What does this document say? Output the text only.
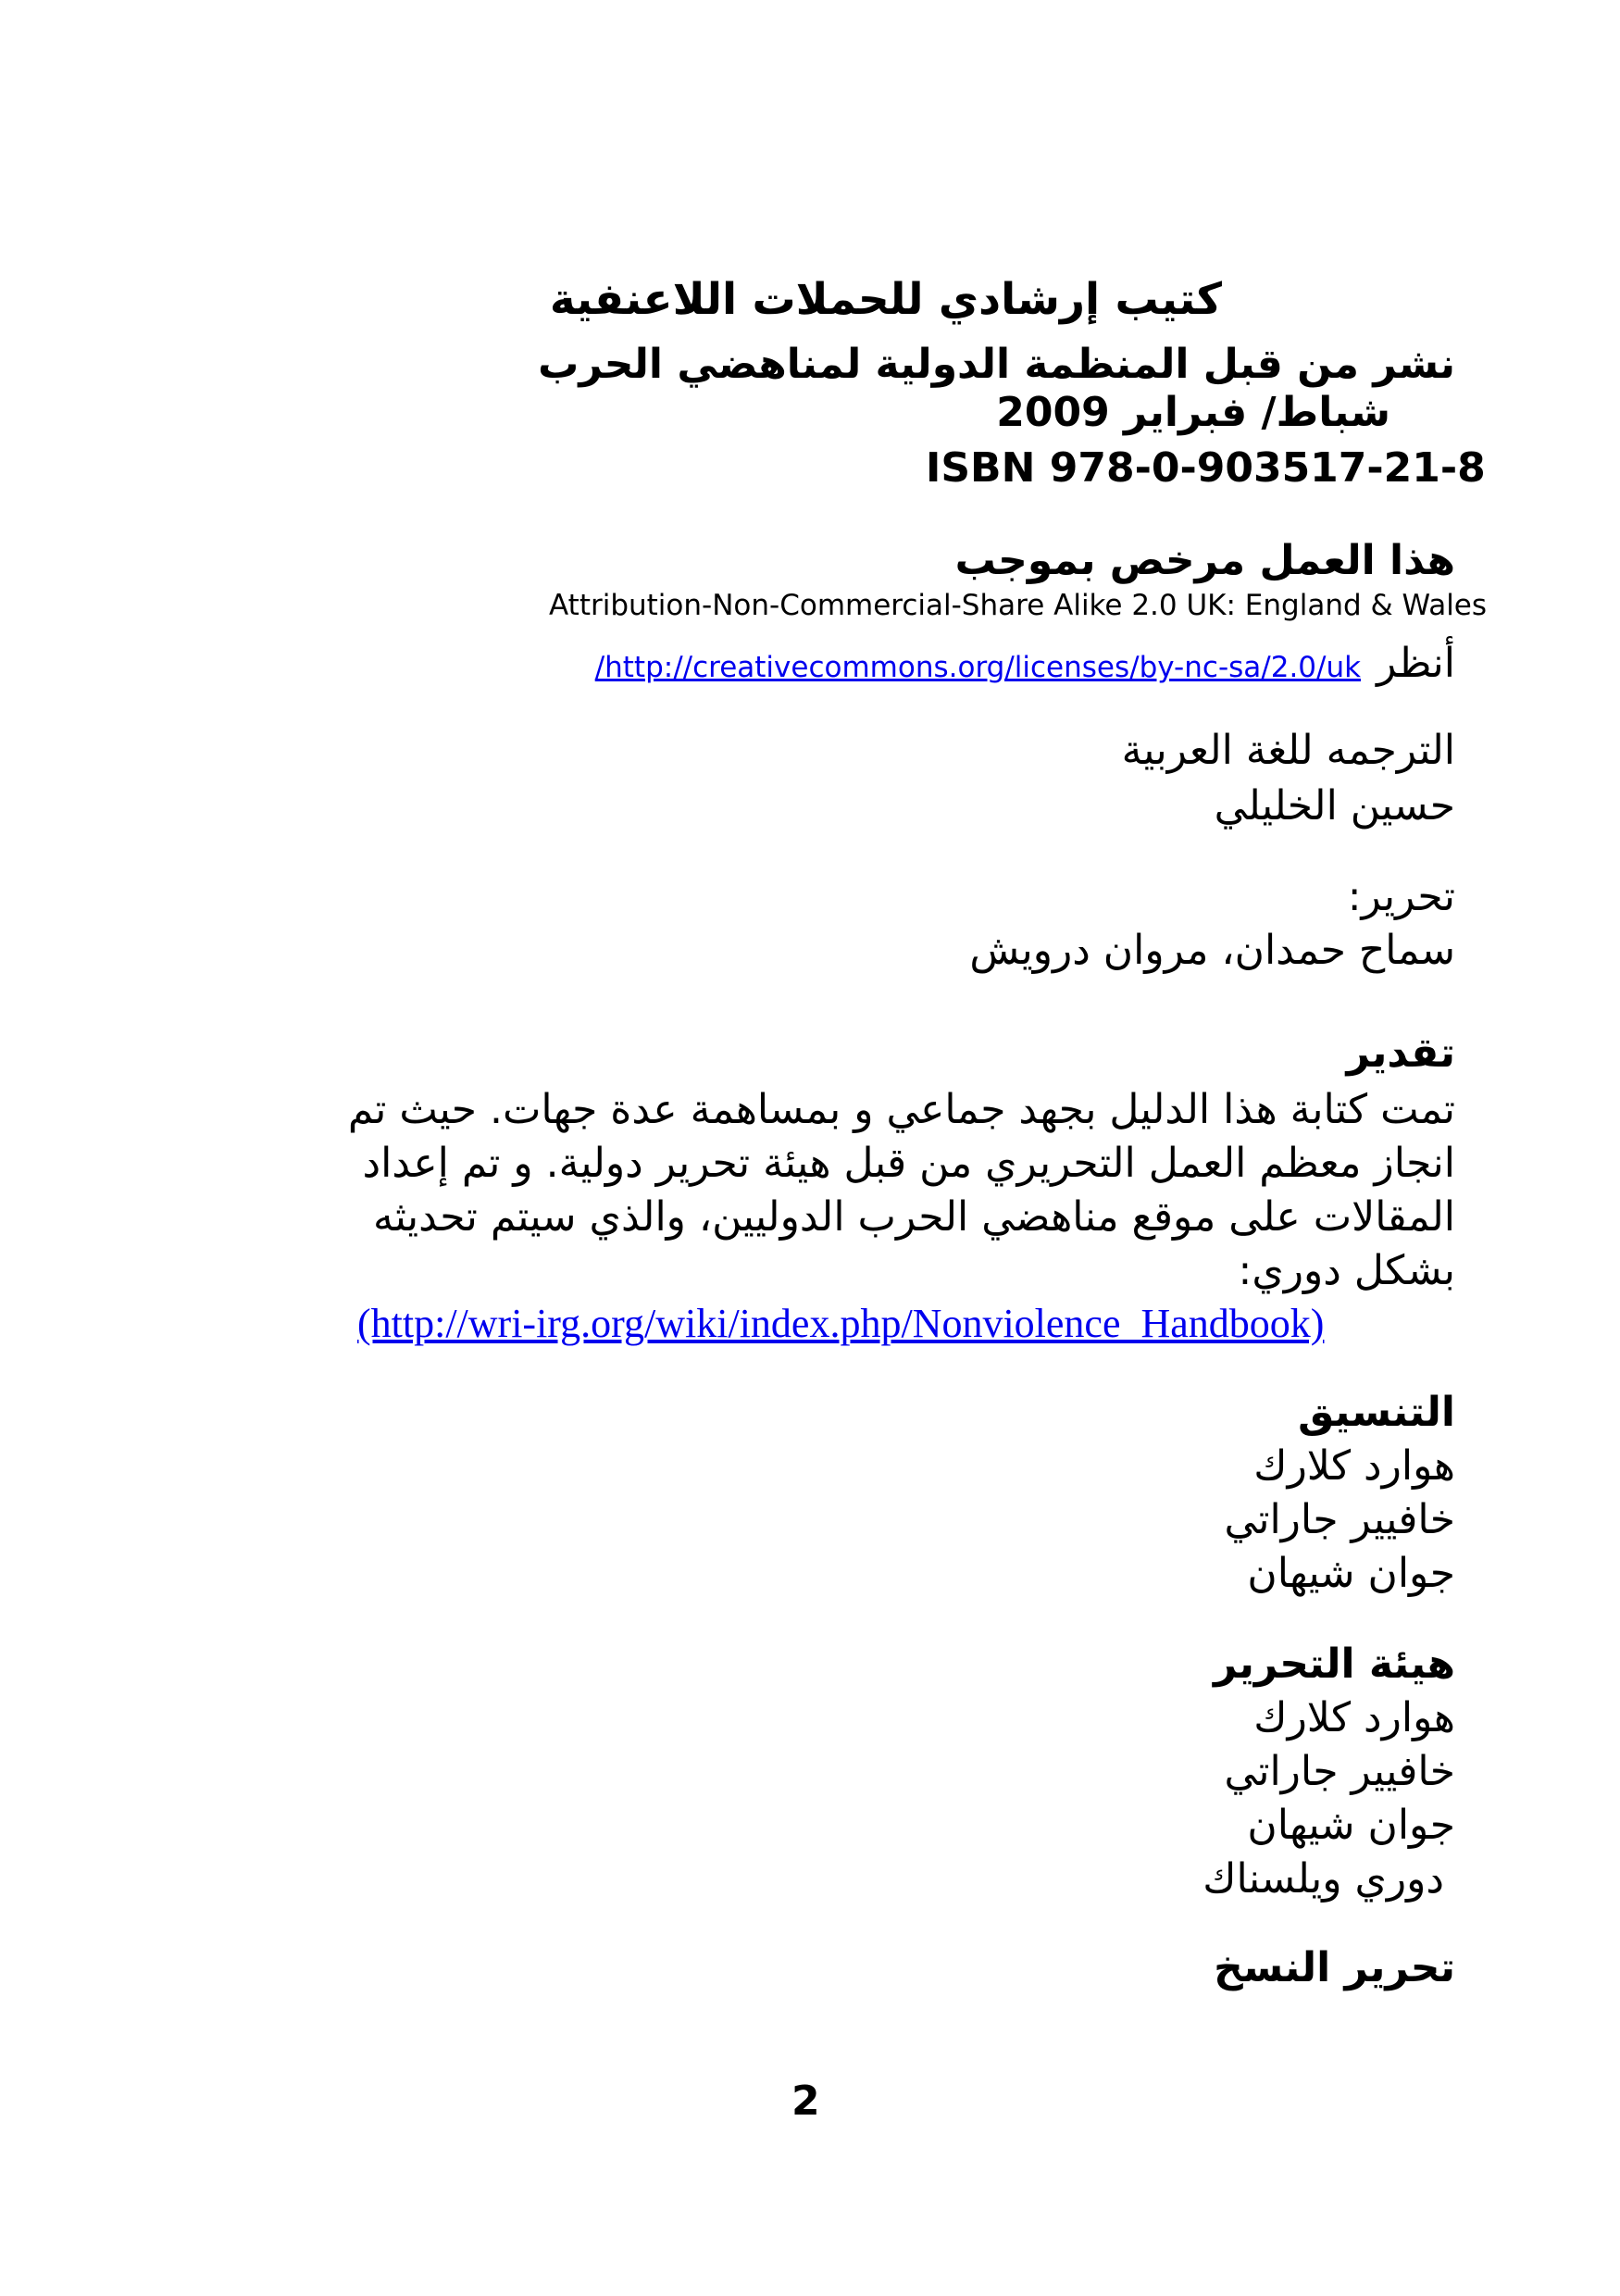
كتيب إرشادي للحملات اللاعنفية
نشر من قبل المنظمة الدولية لمناهضي الحرب
شباط/ فبراير 2009
ISBN 978-0-903517-21-8
هذا العمل مرخص بموجب
Attribution-Non-Commercial-Share Alike 2.0 UK: England & Wales
أنظر /http://creativecommons.org/licenses/by-nc-sa/2.0/uk
الترجمه للغة العربية
حسين الخليلي
تحرير:
سماح حمدان، مروان درويش
تقدير
تمت كتابة هذا الدليل بجهد جماعي و بمساهمة عدة جهات. حيث تم
انجاز معظم العمل التحريري من قبل هيئة تحرير دولية. و تم إعداد
المقالات على موقع مناهضي الحرب الدوليين، والذي سيتم تحديثه
بشكل دوري:
(http://wri-irg.org/wiki/index.php/Nonviolence_Handbook)
التنسيق
هوارد كلارك
خافيير جاراتي
جوان شيهان
هيئة التحرير
هوارد كلارك
خافيير جاراتي
جوان شيهان
دوري ويلسناك
تحرير النسخ
2
